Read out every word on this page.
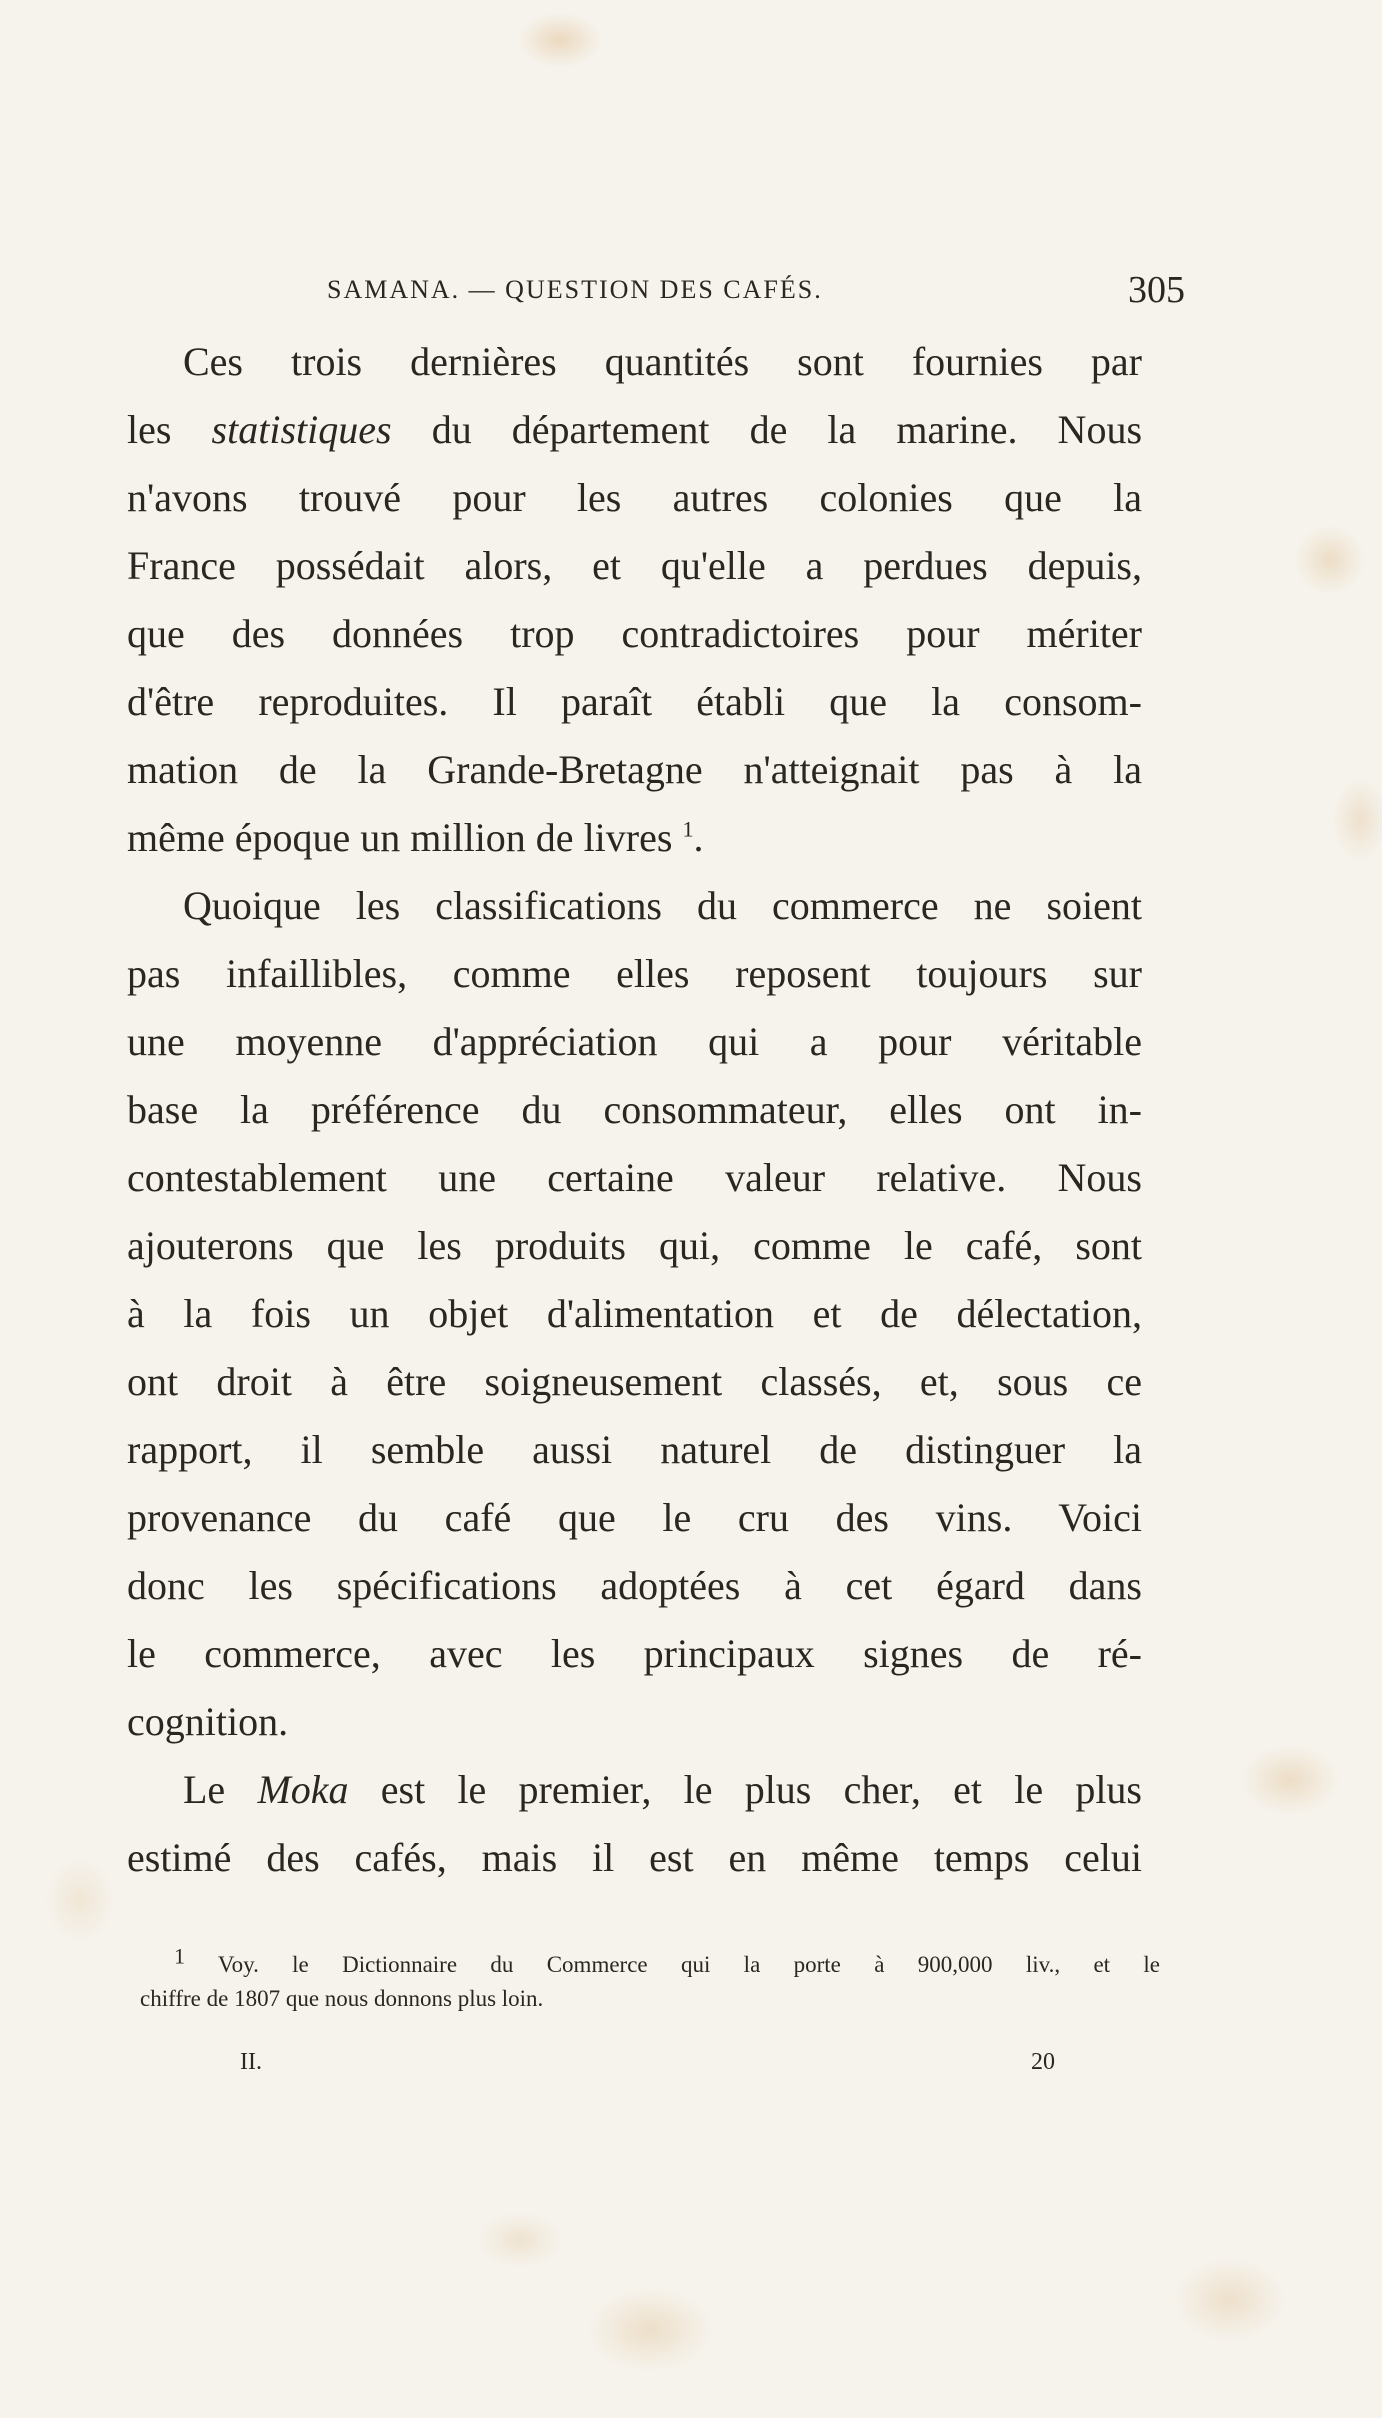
SAMANA. — QUESTION DES CAFÉS.	305
Ces trois dernières quantités sont fournies par
les statistiques du département de la marine. Nous
n'avons trouvé pour les autres colonies que la
France possédait alors, et qu'elle a perdues depuis,
que des données trop contradictoires pour mériter
d'être reproduites. Il paraît établi que la consom-
mation de la Grande-Bretagne n'atteignait pas à la
même époque un million de livres $^1$.
Quoique les classifications du commerce ne soient
pas infaillibles, comme elles reposent toujours sur
une moyenne d'appréciation qui a pour véritable
base la préférence du consommateur, elles ont in-
contestablement une certaine valeur relative. Nous
ajouterons que les produits qui, comme le café, sont
à la fois un objet d'alimentation et de délectation,
ont droit à être soigneusement classés, et, sous ce
rapport, il semble aussi naturel de distinguer la
provenance du café que le cru des vins. Voici
donc les spécifications adoptées à cet égard dans
le commerce, avec les principaux signes de ré-
cognition.
Le Moka est le premier, le plus cher, et le plus
estimé des cafés, mais il est en même temps celui
$^1$ Voy. le Dictionnaire du Commerce qui la porte à 900,000 liv., et le
chiffre de 1807 que nous donnons plus loin.
II.	20
